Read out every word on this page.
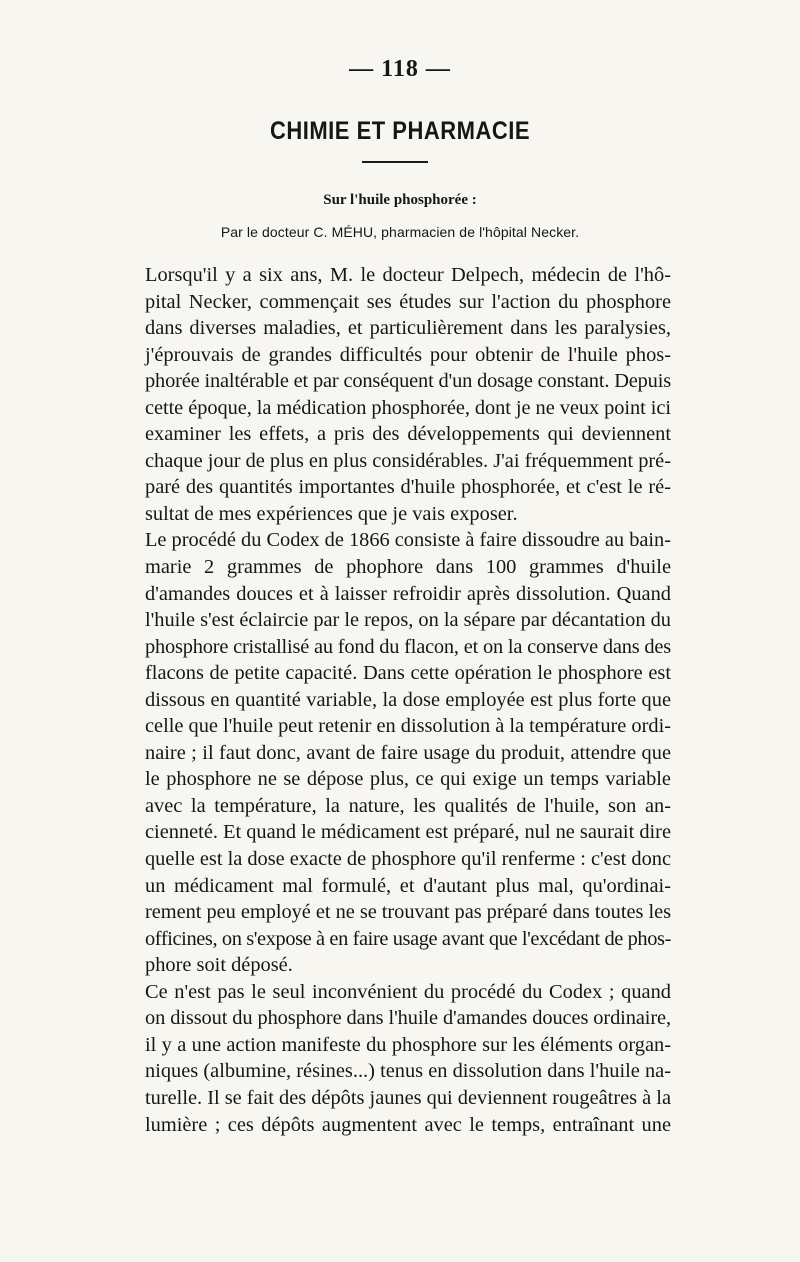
— 118 —
CHIMIE ET PHARMACIE
Sur l'huile phosphorée :
Par le docteur C. MÉHU, pharmacien de l'hôpital Necker.
Lorsqu'il y a six ans, M. le docteur Delpech, médecin de l'hô-
pital Necker, commençait ses études sur l'action du phosphore
dans diverses maladies, et particulièrement dans les paralysies,
j'éprouvais de grandes difficultés pour obtenir de l'huile phos-
phorée inaltérable et par conséquent d'un dosage constant. Depuis
cette époque, la médication phosphorée, dont je ne veux point ici
examiner les effets, a pris des développements qui deviennent
chaque jour de plus en plus considérables. J'ai fréquemment pré-
paré des quantités importantes d'huile phosphorée, et c'est le ré-
sultat de mes expériences que je vais exposer.
Le procédé du Codex de 1866 consiste à faire dissoudre au bain-
marie 2 grammes de phophore dans 100 grammes d'huile
d'amandes douces et à laisser refroidir après dissolution. Quand
l'huile s'est éclaircie par le repos, on la sépare par décantation du
phosphore cristallisé au fond du flacon, et on la conserve dans des
flacons de petite capacité. Dans cette opération le phosphore est
dissous en quantité variable, la dose employée est plus forte que
celle que l'huile peut retenir en dissolution à la température ordi-
naire ; il faut donc, avant de faire usage du produit, attendre que
le phosphore ne se dépose plus, ce qui exige un temps variable
avec la température, la nature, les qualités de l'huile, son an-
cienneté. Et quand le médicament est préparé, nul ne saurait dire
quelle est la dose exacte de phosphore qu'il renferme : c'est donc
un médicament mal formulé, et d'autant plus mal, qu'ordinai-
rement peu employé et ne se trouvant pas préparé dans toutes les
officines, on s'expose à en faire usage avant que l'excédant de phos-
phore soit déposé.
Ce n'est pas le seul inconvénient du procédé du Codex ; quand
on dissout du phosphore dans l'huile d'amandes douces ordinaire,
il y a une action manifeste du phosphore sur les éléments organ-
niques (albumine, résines...) tenus en dissolution dans l'huile na-
turelle. Il se fait des dépôts jaunes qui deviennent rougeâtres à la
lumière ; ces dépôts augmentent avec le temps, entraînant une
